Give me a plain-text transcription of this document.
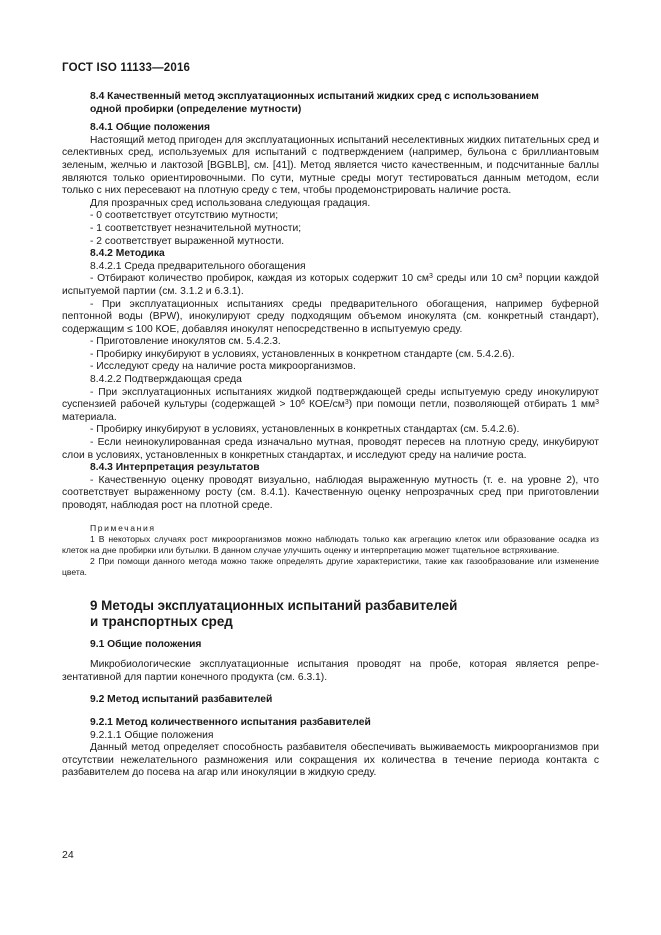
ГОСТ ISO 11133—2016

8.4 Качественный метод эксплуатационных испытаний жидких сред с использованием

одной пробирки (определение мутности)

8.4.1 Общие положения

Настоящий метод пригоден для эксплуатационных испытаний неселективных жидких питательных сред и селективных сред, используемых для испытаний с подтверждением (например, бульона с бриллиантовым зеленым, желчью и лактозой [BGBLB], см. [41]). Метод является чисто качественным, и подсчитанные баллы являются только ориентировочными. По сути, мутные среды могут тестироваться данным методом, если только с них пересевают на плотную среду с тем, чтобы продемонстрировать наличие роста.

Для прозрачных сред использована следующая градация.

- 0 соответствует отсутствию мутности;

- 1 соответствует незначительной мутности;

- 2 соответствует выраженной мутности.

8.4.2 Методика

8.4.2.1 Среда предварительного обогащения

- Отбирают количество пробирок, каждая из которых содержит 10 $см^3$ среды или 10 $см^3$ порции каждой испытуемой партии (см. 3.1.2 и 6.3.1).

- При эксплуатационных испытаниях среды предварительного обогащения, например буферной пептонной воды (BPW), инокулируют среду подходящим объемом инокулята (см. конкретный стандарт), содержащим ≤ 100 КОЕ, добавляя инокулят непосредственно в испытуемую среду.

- Приготовление инокулятов см. 5.4.2.3.

- Пробирку инкубируют в условиях, установленных в конкретном стандарте (см. 5.4.2.6).

- Исследуют среду на наличие роста микроорганизмов.

8.4.2.2 Подтверждающая среда

- При эксплуатационных испытаниях жидкой подтверждающей среды испытуемую среду инокулируют суспензией рабочей культуры (содержащей > $10^6$ КОЕ/$см^3$) при помощи петли, позволяющей отбирать 1 $мм^3$ материала.

- Пробирку инкубируют в условиях, установленных в конкретных стандартах (см. 5.4.2.6).

- Если неинокулированная среда изначально мутная, проводят пересев на плотную среду, инкубируют слои в условиях, установленных в конкретных стандартах, и исследуют среду на наличие роста.

8.4.3 Интерпретация результатов

- Качественную оценку проводят визуально, наблюдая выраженную мутность (т. е. на уровне 2), что соответствует выраженному росту (см. 8.4.1). Качественную оценку непрозрачных сред при приготовлении проводят, наблюдая рост на плотной среде.

Примечания

1 В некоторых случаях рост микроорганизмов можно наблюдать только как агрегацию клеток или образование осадка из клеток на дне пробирки или бутылки. В данном случае улучшить оценку и интерпретацию может тщательное встряхивание.

2 При помощи данного метода можно также определять другие характеристики, такие как газообразование или изменение цвета.

9 Методы эксплуатационных испытаний разбавителей
и транспортных сред

9.1 Общие положения

Микробиологические эксплуатационные испытания проводят на пробе, которая является репрезентативной для партии конечного продукта (см. 6.3.1).

9.2 Метод испытаний разбавителей

9.2.1 Метод количественного испытания разбавителей

9.2.1.1 Общие положения

Данный метод определяет способность разбавителя обеспечивать выживаемость микроорганизмов при отсутствии нежелательного размножения или сокращения их количества в течение периода контакта с разбавителем до посева на агар или инокуляции в жидкую среду.

24
